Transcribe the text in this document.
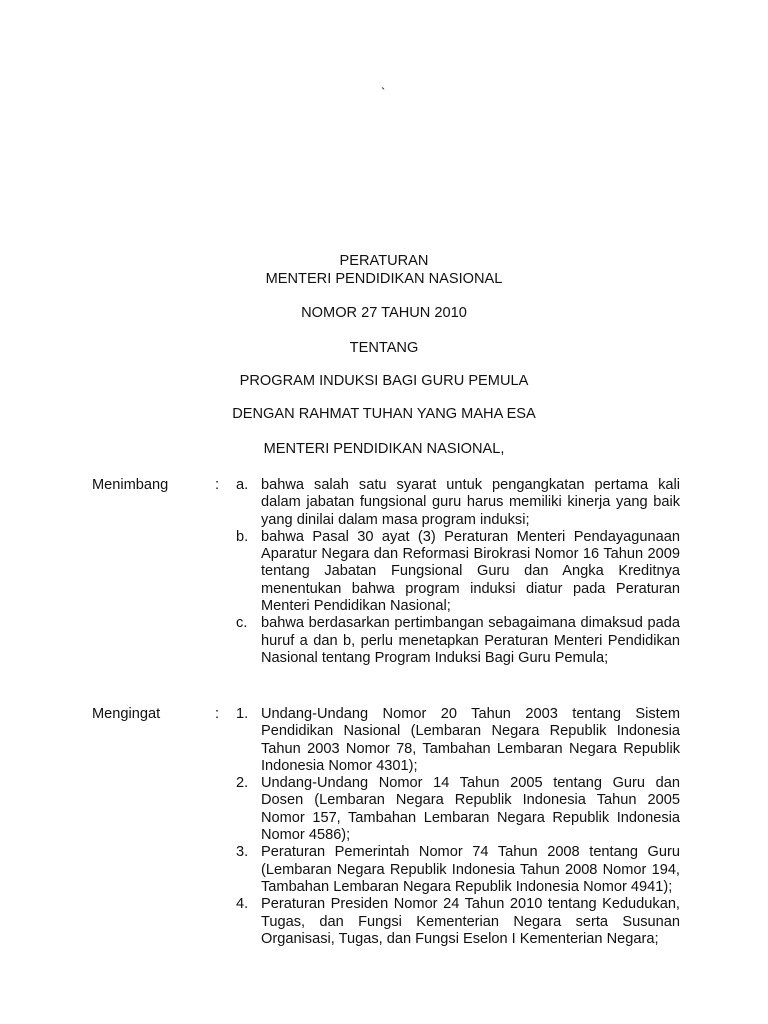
`
PERATURAN
MENTERI PENDIDIKAN NASIONAL
NOMOR 27 TAHUN 2010
TENTANG
PROGRAM INDUKSI BAGI GURU PEMULA
DENGAN RAHMAT TUHAN YANG MAHA ESA
MENTERI PENDIDIKAN NASIONAL,
Menimbang	: a. bahwa salah satu syarat untuk pengangkatan pertama kali dalam jabatan fungsional guru harus memiliki kinerja yang baik yang dinilai dalam masa program induksi;
b. bahwa Pasal 30 ayat (3) Peraturan Menteri Pendayagunaan Aparatur Negara dan Reformasi Birokrasi Nomor 16 Tahun 2009 tentang Jabatan Fungsional Guru dan Angka Kreditnya menentukan bahwa program induksi diatur pada Peraturan Menteri Pendidikan Nasional;
c. bahwa berdasarkan pertimbangan sebagaimana dimaksud pada huruf a dan b, perlu menetapkan Peraturan Menteri Pendidikan Nasional tentang Program Induksi Bagi Guru Pemula;
Mengingat	: 1. Undang-Undang Nomor 20 Tahun 2003 tentang Sistem Pendidikan Nasional (Lembaran Negara Republik Indonesia Tahun 2003 Nomor 78, Tambahan Lembaran Negara Republik Indonesia Nomor 4301);
2. Undang-Undang Nomor 14 Tahun 2005 tentang Guru dan Dosen (Lembaran Negara Republik Indonesia Tahun 2005 Nomor 157, Tambahan Lembaran Negara Republik Indonesia Nomor 4586);
3. Peraturan Pemerintah Nomor 74 Tahun 2008 tentang Guru (Lembaran Negara Republik Indonesia Tahun 2008 Nomor 194, Tambahan Lembaran Negara Republik Indonesia Nomor 4941);
4. Peraturan Presiden Nomor 24 Tahun 2010 tentang Kedudukan, Tugas, dan Fungsi Kementerian Negara serta Susunan Organisasi, Tugas, dan Fungsi Eselon I Kementerian Negara;
